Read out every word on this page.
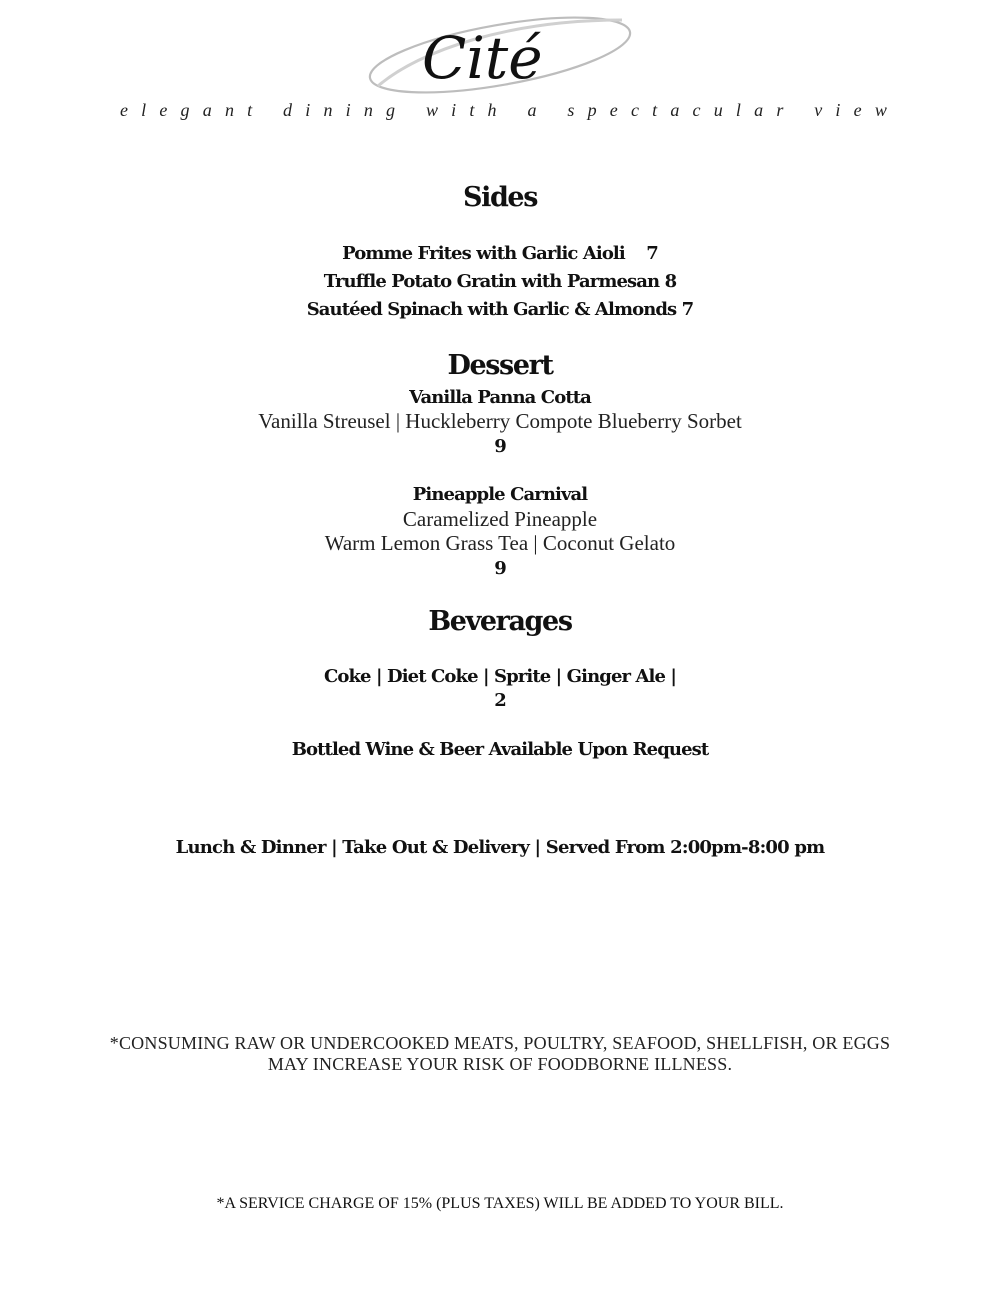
Cité
elegant dining with a spectacular view
Sides
Pomme Frites with Garlic Aioli    7
Truffle Potato Gratin with Parmesan 8
Sautéed Spinach with Garlic & Almonds 7
Dessert
Vanilla Panna Cotta
Vanilla Streusel | Huckleberry Compote Blueberry Sorbet
9
Pineapple Carnival
Caramelized Pineapple
Warm Lemon Grass Tea | Coconut Gelato
9
Beverages
Coke | Diet Coke | Sprite | Ginger Ale |
2
Bottled Wine & Beer Available Upon Request
Lunch & Dinner | Take Out & Delivery | Served From 2:00pm-8:00 pm
*CONSUMING RAW OR UNDERCOOKED MEATS, POULTRY, SEAFOOD, SHELLFISH, OR EGGS
MAY INCREASE YOUR RISK OF FOODBORNE ILLNESS.
*A SERVICE CHARGE OF 15% (PLUS TAXES) WILL BE ADDED TO YOUR BILL.
